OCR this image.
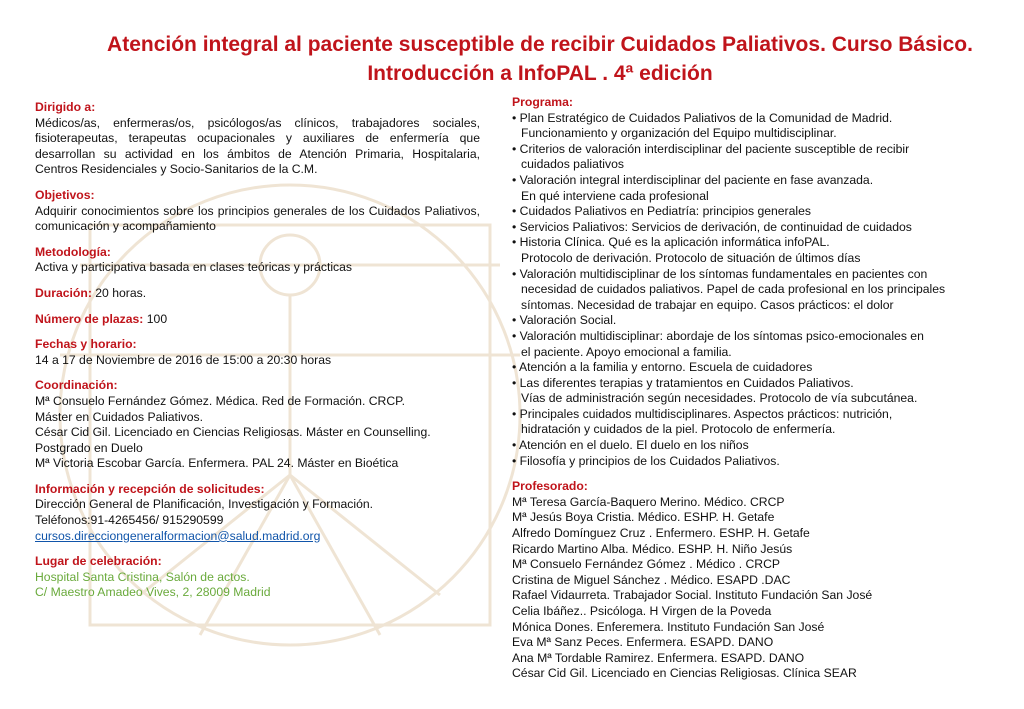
Atención integral al paciente susceptible de recibir Cuidados Paliativos. Curso Básico. Introducción a InfoPAL . 4ª edición
Dirigido a:

Médicos/as, enfermeras/os, psicólogos/as clínicos, trabajadores sociales, fisioterapeutas, terapeutas ocupacionales y auxiliares de enfermería que desarrollan su actividad en los ámbitos de Atención Primaria, Hospitalaria, Centros Residenciales y Socio-Sanitarios de la C.M.

Objetivos:

Adquirir conocimientos sobre los principios generales de los Cuidados Paliativos, comunicación y acompañamiento

Metodología:

Activa y participativa basada en clases teóricas y prácticas

Duración: 20 horas.
Número de plazas: 100
Fechas y horario:

14 a 17 de Noviembre de 2016 de 15:00 a 20:30 horas

Coordinación:

Mª Consuelo Fernández Gómez. Médica. Red de Formación. CRCP.

Máster en Cuidados Paliativos.

César Cid Gil. Licenciado en Ciencias Religiosas. Máster en Counselling.

Postgrado en Duelo

Mª Victoria Escobar García. Enfermera. PAL 24. Máster en Bioética

Información y recepción de solicitudes:

Dirección General de Planificación, Investigación y Formación.

Teléfonos:91-4265456/ 915290599

cursos.direcciongeneralformacion@salud.madrid.org

Lugar de celebración:

Hospital Santa Cristina, Salón de actos.

C/ Maestro Amadeo Vives, 2, 28009 Madrid

Programa:
• Plan Estratégico de Cuidados Paliativos de la Comunidad de Madrid.
Funcionamiento y organización del Equipo multidisciplinar.
• Criterios de valoración interdisciplinar del paciente susceptible de recibir
cuidados paliativos
• Valoración integral interdisciplinar del paciente en fase avanzada.
En qué interviene cada profesional
• Cuidados Paliativos en Pediatría: principios generales
• Servicios Paliativos: Servicios de derivación, de continuidad de cuidados
• Historia Clínica. Qué es la aplicación informática infoPAL.
Protocolo de derivación. Protocolo de situación de últimos días
• Valoración multidisciplinar de los síntomas fundamentales en pacientes con
necesidad de cuidados paliativos. Papel de cada profesional en los principales
síntomas. Necesidad de trabajar en equipo. Casos prácticos: el dolor
• Valoración Social.
• Valoración multidisciplinar: abordaje de los síntomas psico-emocionales en
el paciente. Apoyo emocional a familia.
• Atención a la familia y entorno. Escuela de cuidadores
• Las diferentes terapias y tratamientos en Cuidados Paliativos.
Vías de administración según necesidades. Protocolo de vía subcutánea.
• Principales cuidados multidisciplinares. Aspectos prácticos: nutrición,
hidratación y cuidados de la piel. Protocolo de enfermería.
• Atención en el duelo. El duelo en los niños
• Filosofía y principios de los Cuidados Paliativos.
Profesorado:

Mª Teresa García-Baquero Merino. Médico. CRCP

Mª Jesús Boya Cristia. Médico. ESHP. H. Getafe

Alfredo Domínguez Cruz . Enfermero. ESHP. H. Getafe

Ricardo Martino Alba. Médico. ESHP. H. Niño Jesús

Mª Consuelo Fernández Gómez . Médico . CRCP

Cristina de Miguel Sánchez . Médico. ESAPD .DAC

Rafael Vidaurreta. Trabajador Social. Instituto Fundación San José

Celia Ibáñez.. Psicóloga. H Virgen de la Poveda

Mónica Dones. Enferemera. Instituto Fundación San José

Eva Mª Sanz Peces. Enfermera. ESAPD. DANO

Ana Mª Tordable Ramirez. Enfermera. ESAPD. DANO

César Cid Gil. Licenciado en Ciencias Religiosas. Clínica SEAR
